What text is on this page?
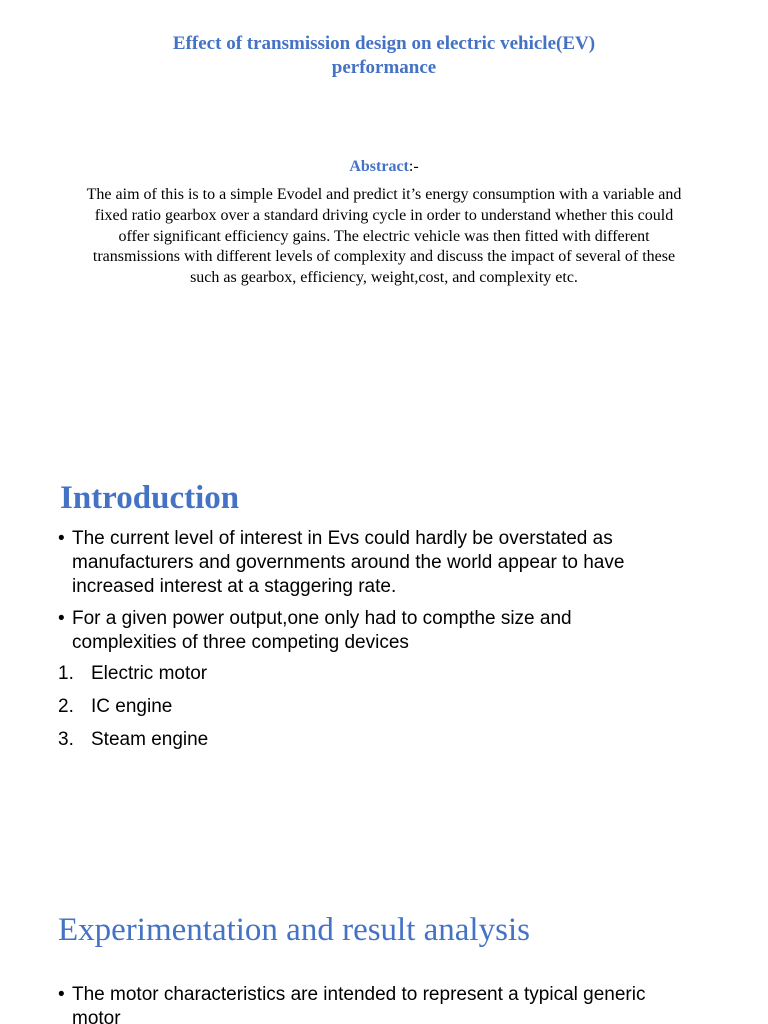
Effect of transmission design on electric vehicle(EV)
performance

Abstract:-

The aim of this is to a simple Evodel and predict it’s energy consumption with a variable and
fixed ratio gearbox over a standard driving cycle in order to understand whether this could
offer significant efficiency gains. The electric vehicle was then fitted with different
transmissions with different levels of complexity and discuss the impact of several of these
such as gearbox, efficiency, weight,cost, and complexity etc.

Introduction
• The current level of interest in Evs could hardly be overstated as
manufacturers and governments around the world appear to have
increased interest at a staggering rate.
• For a given power output,one only had to compthe size and
complexities of three competing devices
1. Electric motor
2. IC engine
3. Steam engine
Experimentation and result analysis
• The motor characteristics are intended to represent a typical generic
motor
